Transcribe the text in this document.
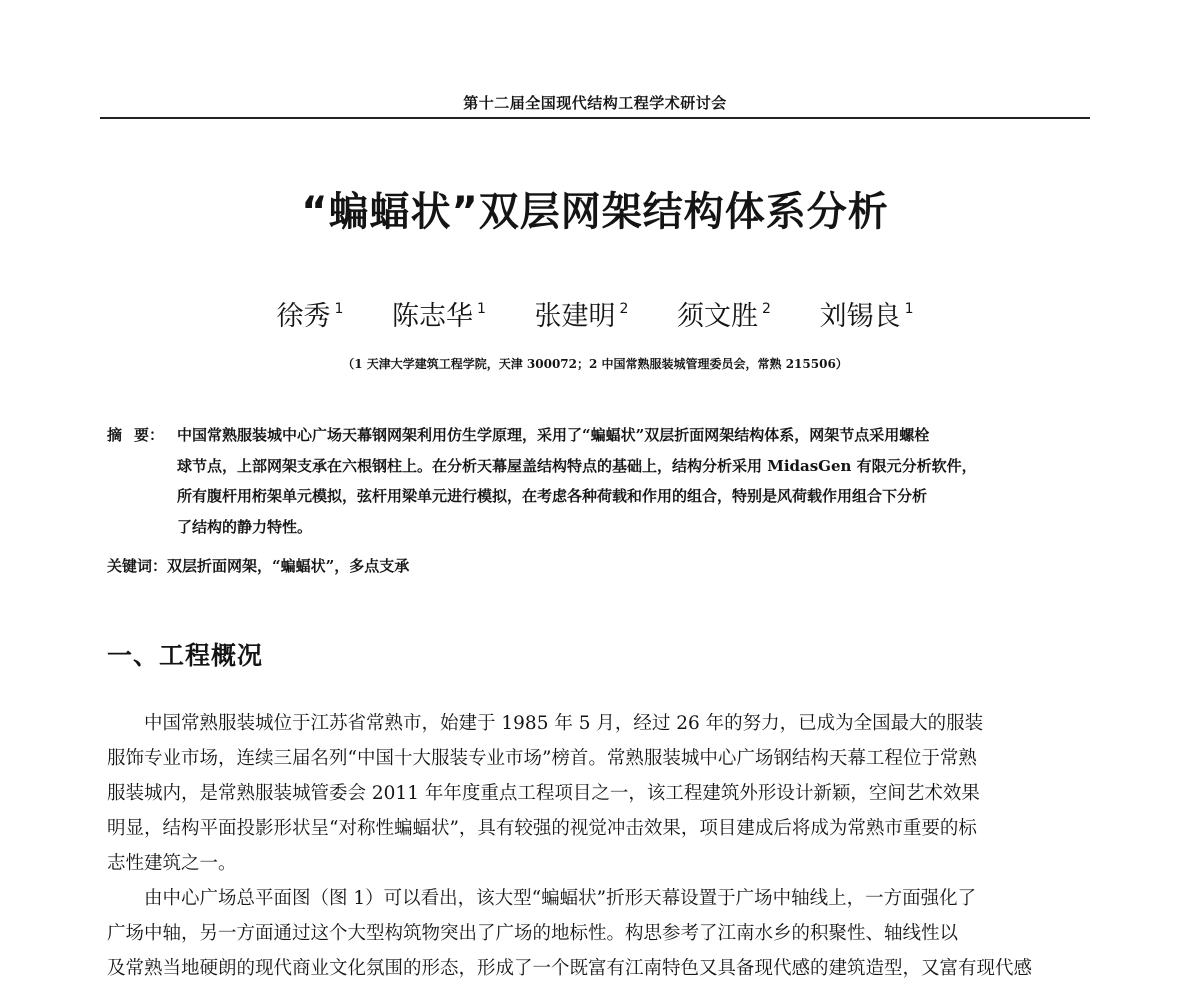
第十二届全国现代结构工程学术研讨会
“蝙蝠状”双层网架结构体系分析
徐秀 $^1$ 陈志华 $^1$ 张建明 $^2$ 须文胜 $^2$ 刘锡良 $^1$
（1 天津大学建筑工程学院，天津 300072；2 中国常熟服装城管理委员会，常熟 215506）
摘 要： 中国常熟服装城中心广场天幕钢网架利用仿生学原理，采用了“蝙蝠状”双层折面网架结构体系，网架节点采用螺栓
球节点，上部网架支承在六根钢柱上。在分析天幕屋盖结构特点的基础上，结构分析采用 MidasGen 有限元分析软件，
所有腹杆用桁架单元模拟，弦杆用梁单元进行模拟，在考虑各种荷载和作用的组合，特别是风荷载作用组合下分析
了结构的静力特性。
关键词：双层折面网架，“蝙蝠状”，多点支承
一、工程概况
中国常熟服装城位于江苏省常熟市，始建于 1985 年 5 月，经过 26 年的努力，已成为全国最大的服装
服饰专业市场，连续三届名列“中国十大服装专业市场”榜首。常熟服装城中心广场钢结构天幕工程位于常熟
服装城内，是常熟服装城管委会 2011 年年度重点工程项目之一，该工程建筑外形设计新颖，空间艺术效果
明显，结构平面投影形状呈“对称性蝙蝠状”，具有较强的视觉冲击效果，项目建成后将成为常熟市重要的标
志性建筑之一。
由中心广场总平面图（图 1）可以看出，该大型“蝙蝠状”折形天幕设置于广场中轴线上，一方面强化了
广场中轴，另一方面通过这个大型构筑物突出了广场的地标性。构思参考了江南水乡的积聚性、轴线性以
及常熟当地硬朗的现代商业文化氛围的形态，形成了一个既富有江南特色又具备现代感的建筑造型，又富有现代感
